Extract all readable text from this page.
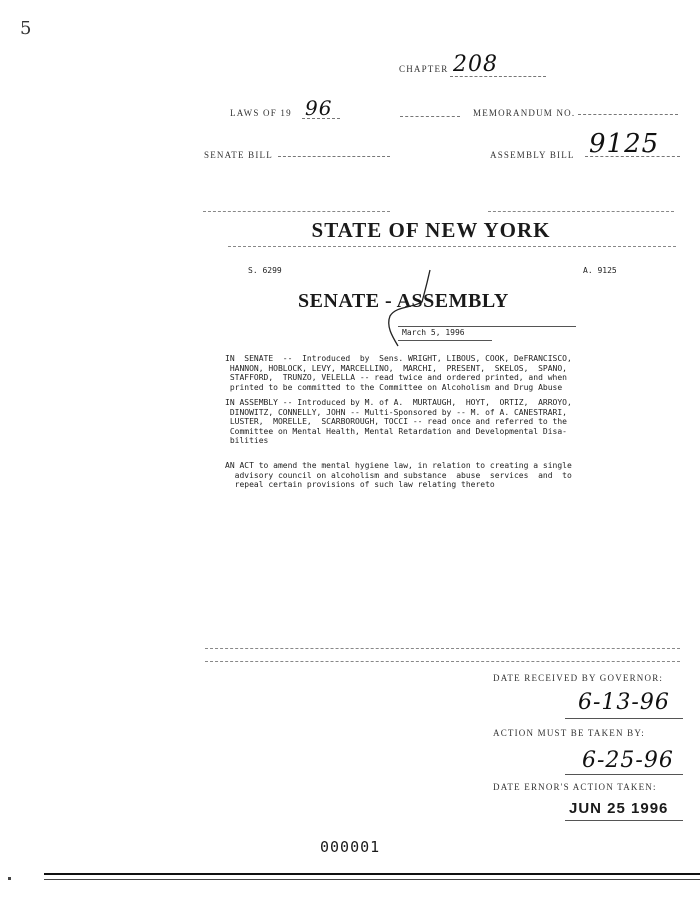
5
CHAPTER 208
LAWS OF 19 96	MEMORANDUM NO.
SENATE BILL	ASSEMBLY BILL 9125
STATE OF NEW YORK
S. 6299	A. 9125
SENATE - ASSEMBLY
March 5, 1996
IN  SENATE  --  Introduced  by  Sens. WRIGHT, LIBOUS, COOK, DeFRANCISCO,
HANNON, HOBLOCK, LEVY, MARCELLINO,  MARCHI,  PRESENT,  SKELOS,  SPANO,
STAFFORD,  TRUNZO, VELELLA -- read twice and ordered printed, and when
printed to be committed to the Committee on Alcoholism and Drug Abuse
IN ASSEMBLY -- Introduced by M. of A.  MURTAUGH,  HOYT,  ORTIZ,  ARROYO,
DINOWITZ, CONNELLY, JOHN -- Multi-Sponsored by -- M. of A. CANESTRARI,
LUSTER,  MORELLE,  SCARBOROUGH, TOCCI -- read once and referred to the
Committee on Mental Health, Mental Retardation and Developmental Disa-
bilities
AN ACT to amend the mental hygiene law, in relation to creating a single
advisory council on alcoholism and substance  abuse  services  and  to
repeal certain provisions of such law relating thereto
DATE RECEIVED BY GOVERNOR:
6-13-96
ACTION MUST BE TAKEN BY:
6-25-96
DATE ERNOR'S ACTION TAKEN:
JUN 25 1996
000001
